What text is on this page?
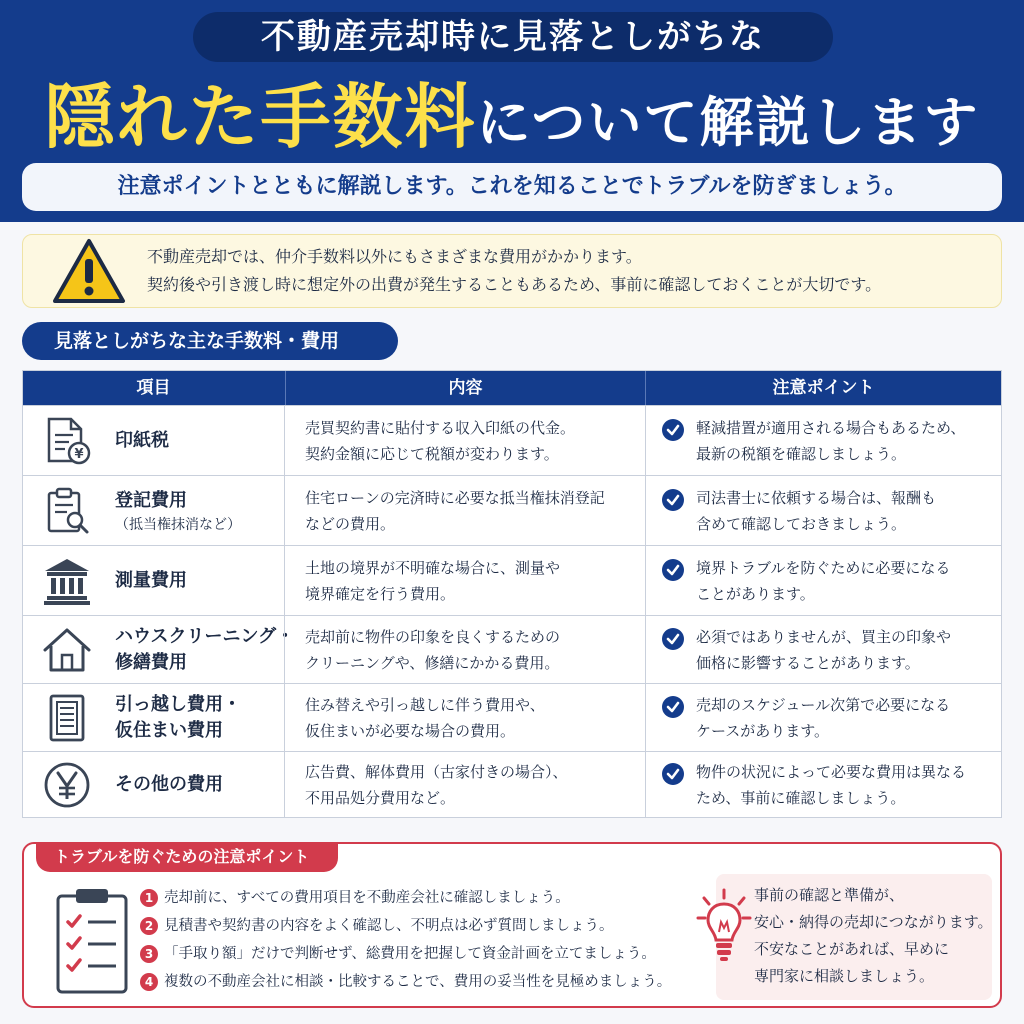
不動産売却時に見落としがちな
隠れた手数料について解説します
注意ポイントとともに解説します。これを知ることでトラブルを防ぎましょう。
不動産売却では、仲介手数料以外にもさまざまな費用がかかります。
契約後や引き渡し時に想定外の出費が発生することもあるため、事前に確認しておくことが大切です。
見落としがちな主な手数料・費用
項目	内容	注意ポイント
¥
印紙税
売買契約書に貼付する収入印紙の代金。
契約金額に応じて税額が変わります。
軽減措置が適用される場合もあるため、
最新の税額を確認しましょう。
登記費用
（抵当権抹消など）
住宅ローンの完済時に必要な抵当権抹消登記
などの費用。
司法書士に依頼する場合は、報酬も
含めて確認しておきましょう。
測量費用
土地の境界が不明確な場合に、測量や
境界確定を行う費用。
境界トラブルを防ぐために必要になる
ことがあります。
ハウスクリーニング・
修繕費用
売却前に物件の印象を良くするための
クリーニングや、修繕にかかる費用。
必須ではありませんが、買主の印象や
価格に影響することがあります。
引っ越し費用・
仮住まい費用
住み替えや引っ越しに伴う費用や、
仮住まいが必要な場合の費用。
売却のスケジュール次第で必要になる
ケースがあります。
その他の費用
広告費、解体費用（古家付きの場合）、
不用品処分費用など。
物件の状況によって必要な費用は異なる
ため、事前に確認しましょう。
トラブルを防ぐための注意ポイント
1 売却前に、すべての費用項目を不動産会社に確認しましょう。
2 見積書や契約書の内容をよく確認し、不明点は必ず質問しましょう。
3 「手取り額」だけで判断せず、総費用を把握して資金計画を立てましょう。
4 複数の不動産会社に相談・比較することで、費用の妥当性を見極めましょう。
事前の確認と準備が、
安心・納得の売却につながります。
不安なことがあれば、早めに
専門家に相談しましょう。
